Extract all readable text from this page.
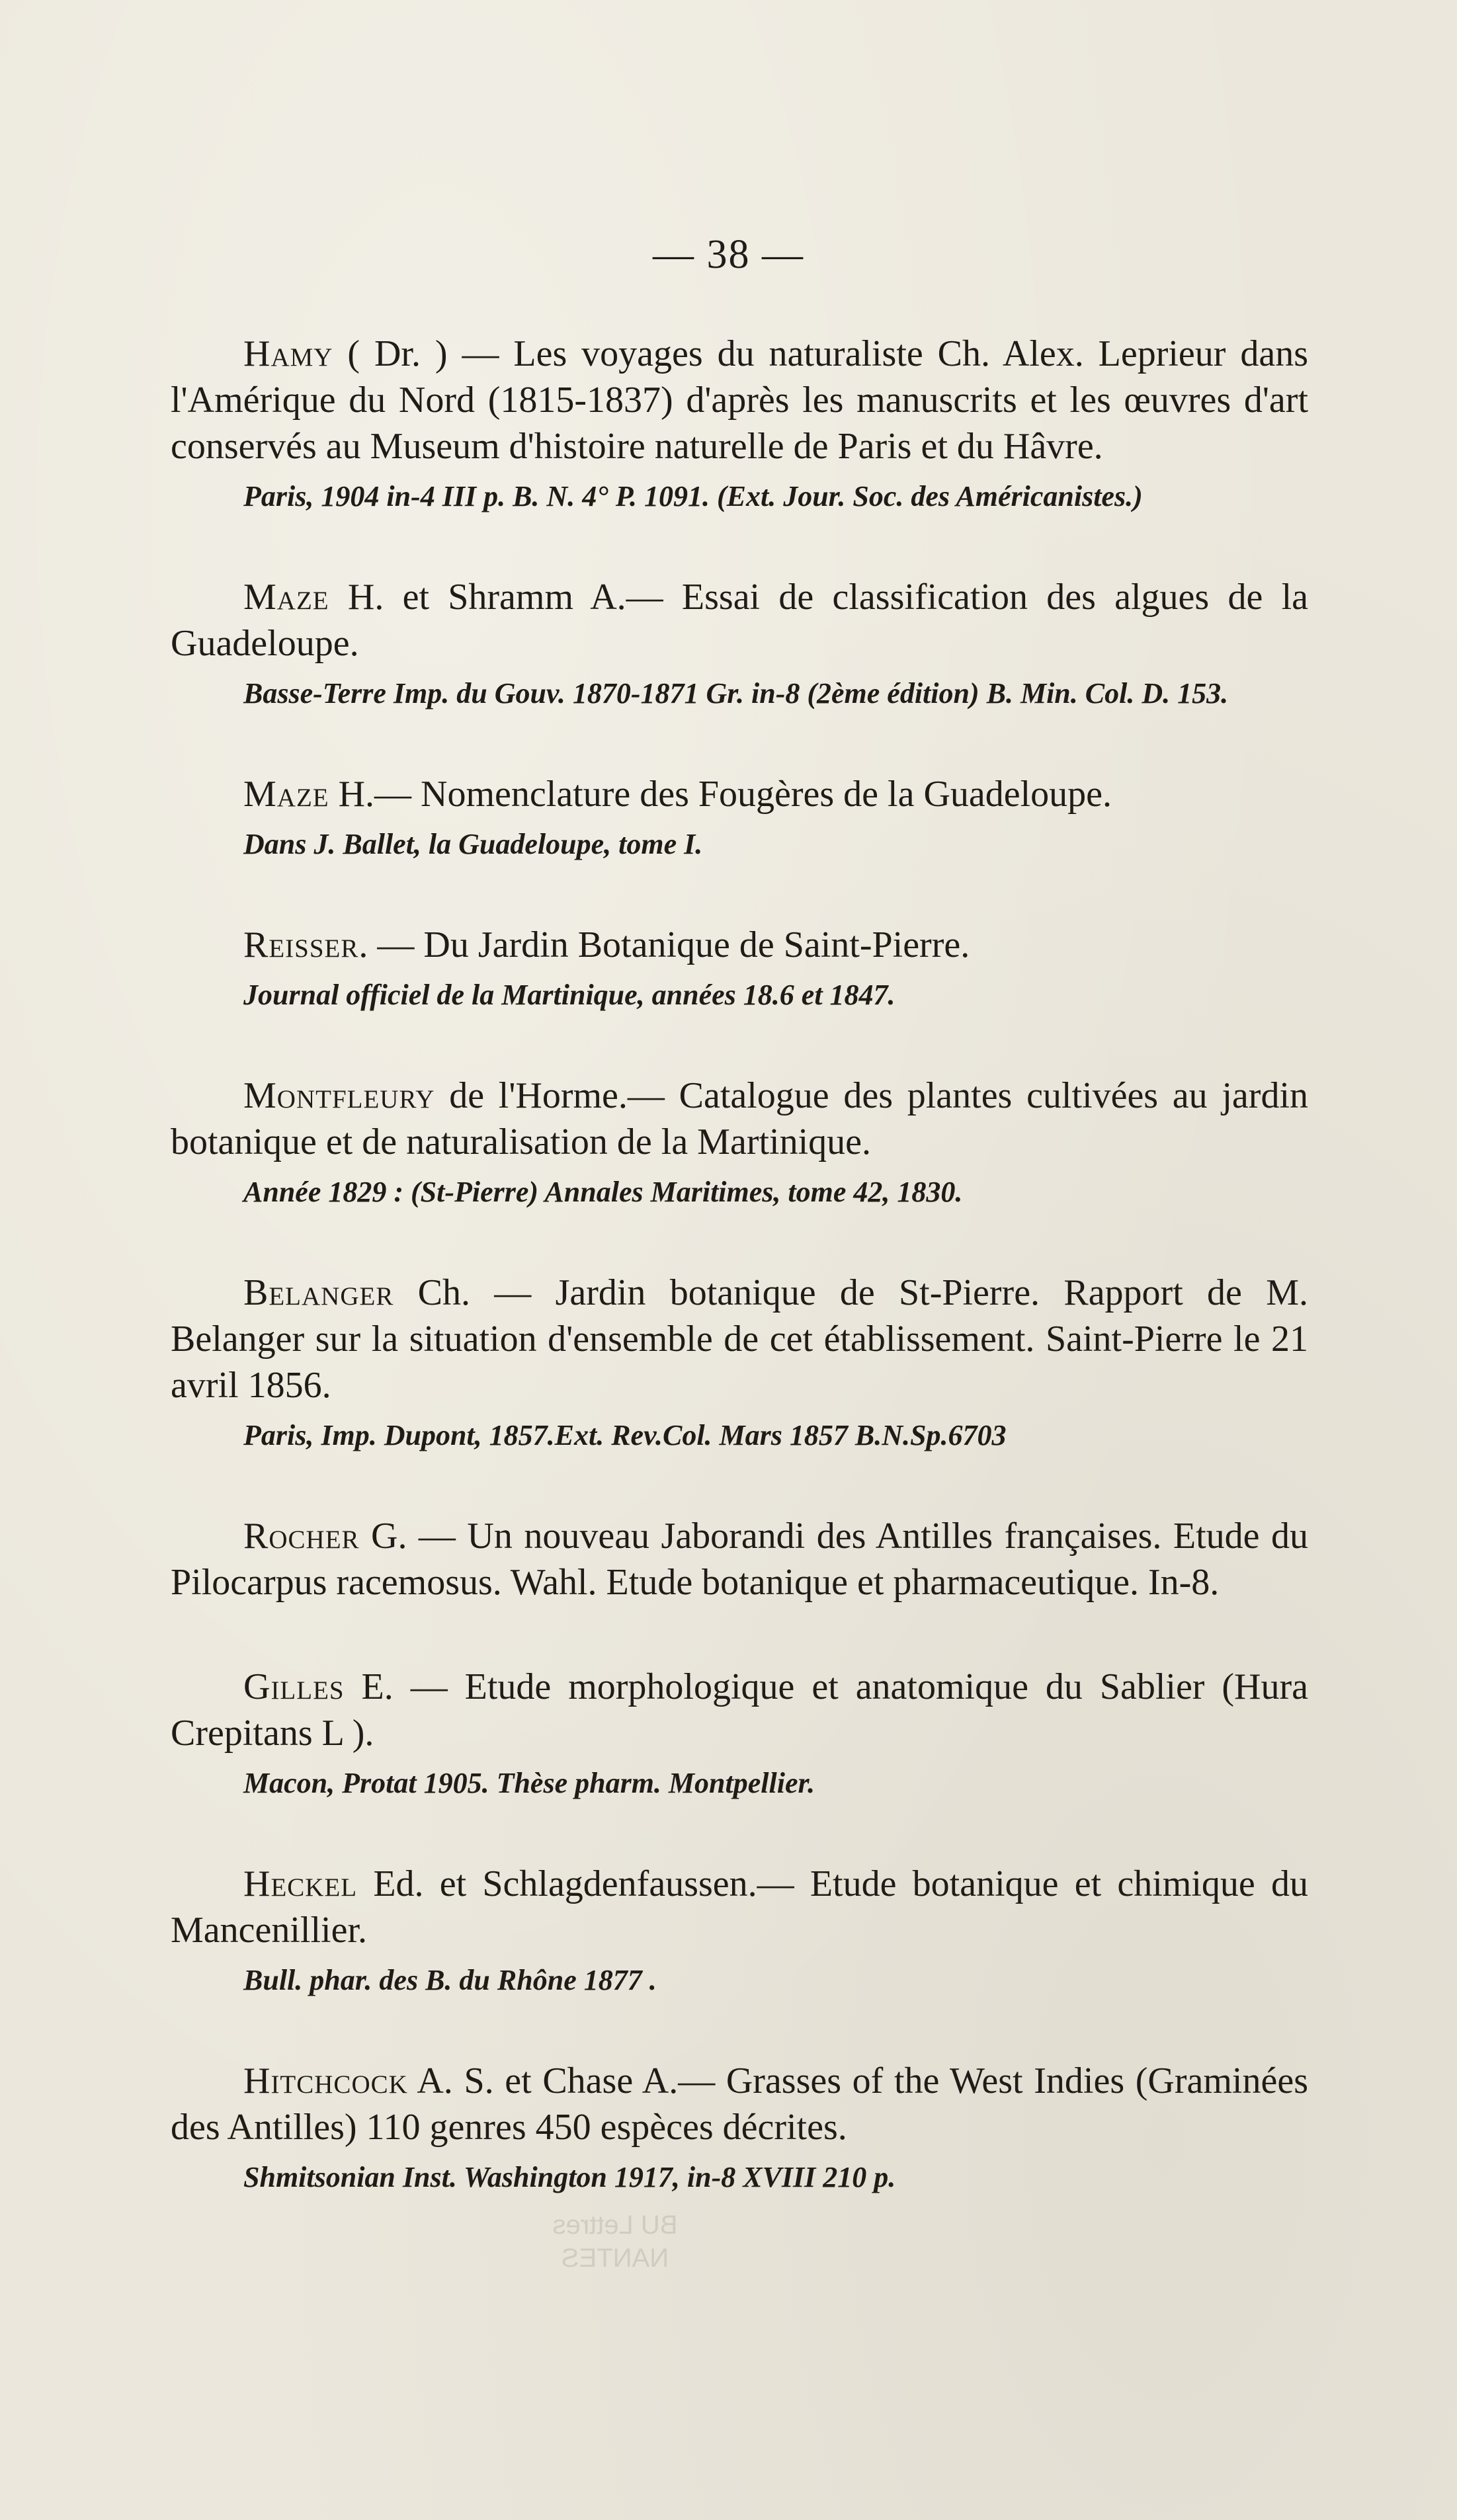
— 38 —

Hamy ( Dr. ) — Les voyages du naturaliste Ch. Alex. Leprieur dans l'Amérique du Nord (1815-1837) d'après les manuscrits et les œuvres d'art conservés au Museum d'histoire naturelle de Paris et du Hâvre.

Paris, 1904 in-4 III p. B. N. 4° P. 1091. (Ext. Jour. Soc. des Américanistes.)

Maze H. et Shramm A.— Essai de classification des algues de la Guadeloupe.

Basse-Terre Imp. du Gouv. 1870-1871 Gr. in-8 (2ème édition) B. Min. Col. D. 153.

Maze H.— Nomenclature des Fougères de la Guadeloupe.

Dans J. Ballet, la Guadeloupe, tome I.

Reisser. — Du Jardin Botanique de Saint-Pierre.

Journal officiel de la Martinique, années 18.6 et 1847.

Montfleury de l'Horme.— Catalogue des plantes cultivées au jardin botanique et de naturalisation de la Martinique.

Année 1829 : (St-Pierre) Annales Maritimes, tome 42, 1830.

Belanger Ch. — Jardin botanique de St-Pierre. Rapport de M. Belanger sur la situation d'ensemble de cet établissement. Saint-Pierre le 21 avril 1856.

Paris, Imp. Dupont, 1857.Ext. Rev.Col. Mars 1857 B.N.Sp.6703

Rocher G. — Un nouveau Jaborandi des Antilles françaises. Etude du Pilocarpus racemosus. Wahl. Etude botanique et pharmaceutique. In-8.

Gilles E. — Etude morphologique et anatomique du Sablier (Hura Crepitans L ).

Macon, Protat 1905. Thèse pharm. Montpellier.

Heckel Ed. et Schlagdenfaussen.— Etude botanique et chimique du Mancenillier.

Bull. phar. des B. du Rhône 1877 .

Hitchcock A. S. et Chase A.— Grasses of the West Indies (Graminées des Antilles) 110 genres 450 espèces décrites.

Shmitsonian Inst. Washington 1917, in-8 XVIII 210 p.

BU Lettres
NANTES
